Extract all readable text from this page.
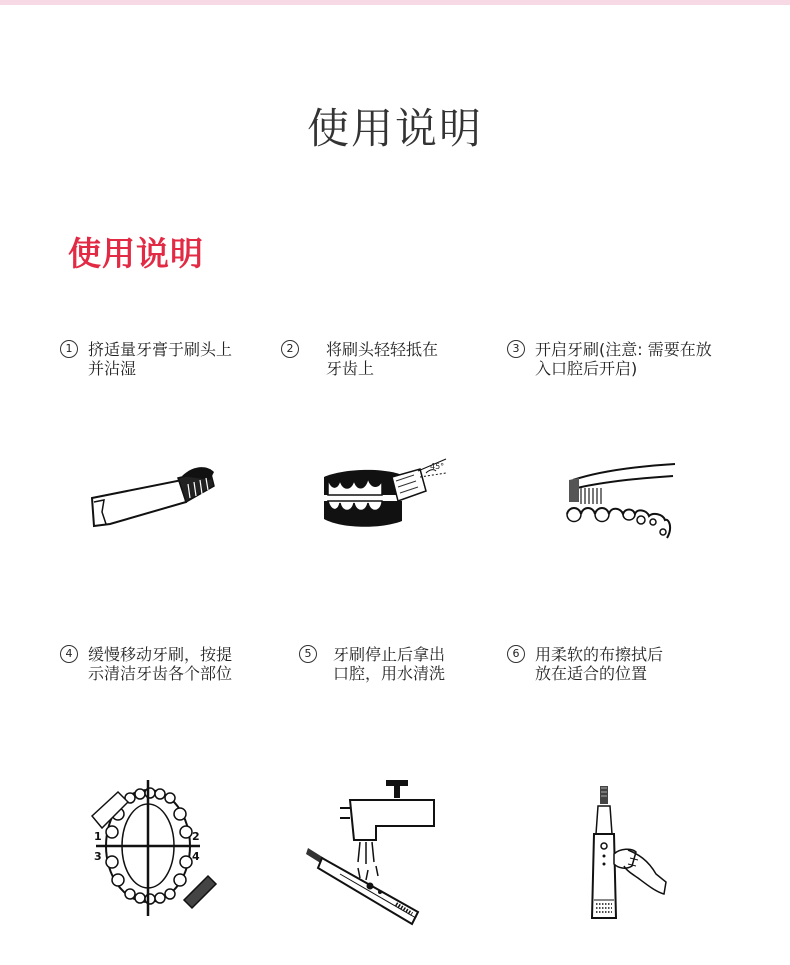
使用说明
使用说明
1 挤适量牙膏于刷头上
并沾湿
2	将刷头轻轻抵在
牙齿上
3 开启牙刷(注意: 需要在放
入口腔后开启)
4 缓慢移动牙刷，按提
示清洁牙齿各个部位
5	牙刷停止后拿出
口腔，用水清洗
6 用柔软的布擦拭后
放在适合的位置
45°
1	2
3	4
